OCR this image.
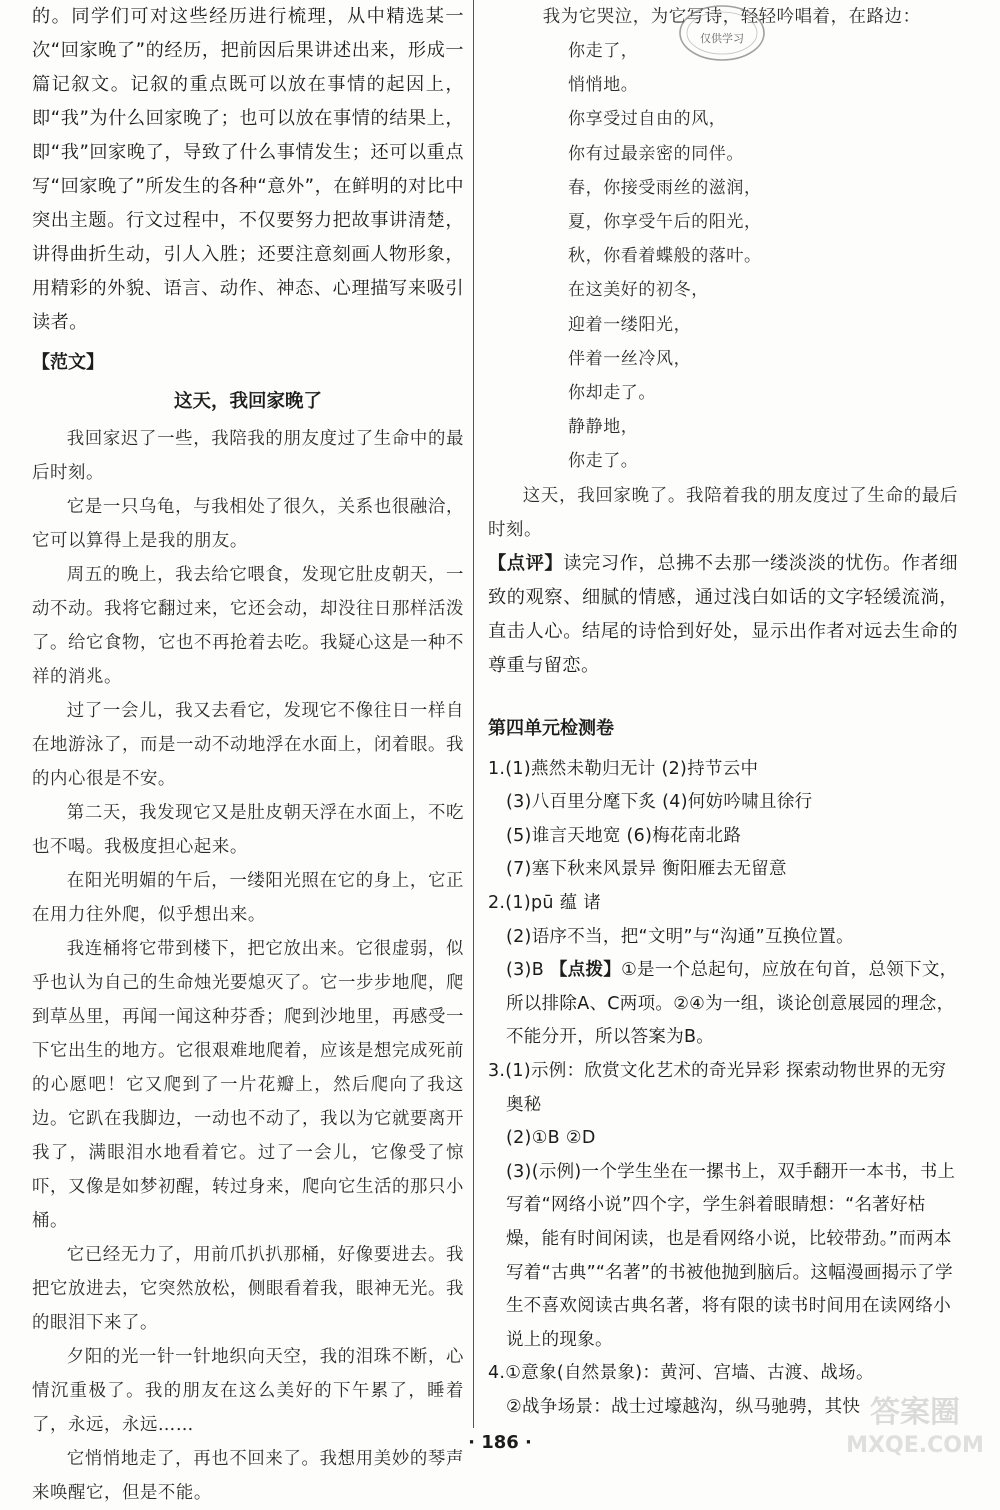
的。同学们可对这些经历进行梳理，从中精选某一次“回家晚了”的经历，把前因后果讲述出来，形成一篇记叙文。记叙的重点既可以放在事情的起因上，即“我”为什么回家晚了；也可以放在事情的结果上，即“我”回家晚了，导致了什么事情发生；还可以重点写“回家晚了”所发生的各种“意外”，在鲜明的对比中突出主题。行文过程中，不仅要努力把故事讲清楚，讲得曲折生动，引人入胜；还要注意刻画人物形象，用精彩的外貌、语言、动作、神态、心理描写来吸引读者。

【范文】
这天，我回家晚了

我回家迟了一些，我陪我的朋友度过了生命中的最后时刻。

它是一只乌龟，与我相处了很久，关系也很融洽，它可以算得上是我的朋友。

周五的晚上，我去给它喂食，发现它肚皮朝天，一动不动。我将它翻过来，它还会动，却没往日那样活泼了。给它食物，它也不再抢着去吃。我疑心这是一种不祥的消兆。

过了一会儿，我又去看它，发现它不像往日一样自在地游泳了，而是一动不动地浮在水面上，闭着眼。我的内心很是不安。

第二天，我发现它又是肚皮朝天浮在水面上，不吃也不喝。我极度担心起来。

在阳光明媚的午后，一缕阳光照在它的身上，它正在用力往外爬，似乎想出来。

我连桶将它带到楼下，把它放出来。它很虚弱，似乎也认为自己的生命烛光要熄灭了。它一步步地爬，爬到草丛里，再闻一闻这种芬香；爬到沙地里，再感受一下它出生的地方。它很艰难地爬着，应该是想完成死前的心愿吧！它又爬到了一片花瓣上，然后爬向了我这边。它趴在我脚边，一动也不动了，我以为它就要离开我了，满眼泪水地看着它。过了一会儿，它像受了惊吓，又像是如梦初醒，转过身来，爬向它生活的那只小桶。

它已经无力了，用前爪扒扒那桶，好像要进去。我把它放进去，它突然放松，侧眼看着我，眼神无光。我的眼泪下来了。

夕阳的光一针一针地织向天空，我的泪珠不断，心情沉重极了。我的朋友在这么美好的下午累了，睡着了，永远，永远……

它悄悄地走了，再也不回来了。我想用美妙的琴声来唤醒它，但是不能。

我为它哭泣，为它写诗，轻轻吟唱着，在路边：

你走了，
悄悄地。
你享受过自由的风，
你有过最亲密的同伴。
春，你接受雨丝的滋润，
夏，你享受午后的阳光，
秋，你看着蝶般的落叶。
在这美好的初冬，
迎着一缕阳光，
伴着一丝冷风，
你却走了。
静静地，
你走了。

这天，我回家晚了。我陪着我的朋友度过了生命的最后时刻。

【点评】读完习作，总拂不去那一缕淡淡的忧伤。作者细致的观察、细腻的情感，通过浅白如话的文字轻缓流淌，直击人心。结尾的诗恰到好处，显示出作者对远去生命的尊重与留恋。

第四单元检测卷

1.(1)燕然未勒归无计 (2)持节云中

(3)八百里分麾下炙 (4)何妨吟啸且徐行

(5)谁言天地宽 (6)梅花南北路

(7)塞下秋来风景异 衡阳雁去无留意

2.(1)pū 蕴 诸

(2)语序不当，把“文明”与“沟通”互换位置。

(3)B 【点拨】①是一个总起句，应放在句首，总领下文，所以排除A、C两项。②④为一组，谈论创意展园的理念，不能分开，所以答案为B。

3.(1)示例：欣赏文化艺术的奇光异彩 探索动物世界的无穷奥秘

(2)①B ②D

(3)(示例)一个学生坐在一摞书上，双手翻开一本书，书上写着“网络小说”四个字，学生斜着眼睛想：“名著好枯燥，能有时间闲读，也是看网络小说，比较带劲。”而两本写着“古典”“名著”的书被他抛到脑后。这幅漫画揭示了学生不喜欢阅读古典名著，将有限的读书时间用在读网络小说上的现象。

4.①意象(自然景象)：黄河、宫墙、古渡、战场。

②战争场景：战士过壕越沟，纵马驰骋，其快

仅供学习
· 186 ·
答案圈
MXQE.COM
